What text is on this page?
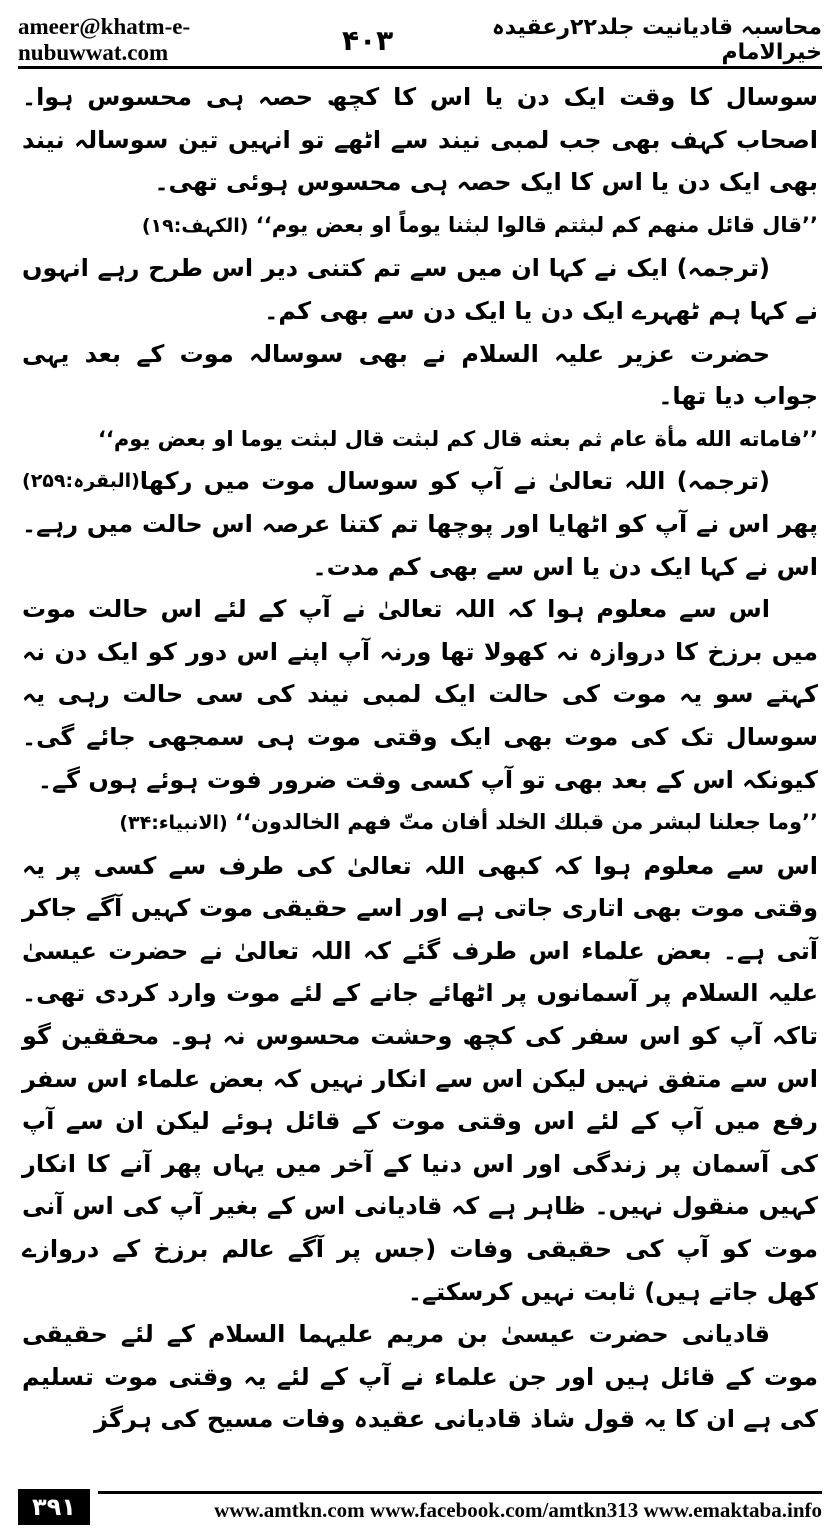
ameer@khatm-e-nubuwwat.com	۴۰۳	محاسبہ قادیانیت جلد۲۲رعقیدہ خیرالامام

سوسال کا وقت ایک دن یا اس کا کچھ حصہ ہی محسوس ہوا۔ اصحاب کہف بھی جب لمبی نیند سے اٹھے تو انہیں تین سوسالہ نیند بھی ایک دن یا اس کا ایک حصہ ہی محسوس ہوئی تھی۔

’’قال قائل منهم كم لبثتم قالوا لبثنا يوماً او بعض يوم‘‘ (الکہف:۱۹)

(ترجمہ) ایک نے کہا ان میں سے تم کتنی دیر اس طرح رہے انہوں نے کہا ہم ٹھہرے ایک دن یا ایک دن سے بھی کم۔

حضرت عزیر علیہ السلام نے بھی سوسالہ موت کے بعد یہی جواب دیا تھا۔

’’فاماته الله مأة عام ثم بعثه قال كم لبثت قال لبثت يوما او بعض يوم‘‘
(البقرہ:۲۵۹) (ترجمہ) اللہ تعالیٰ نے آپ کو سوسال موت میں رکھا پھر اس نے آپ کو اٹھایا اور پوچھا تم کتنا عرصہ اس حالت میں رہے۔ اس نے کہا ایک دن یا اس سے بھی کم مدت۔

اس سے معلوم ہوا کہ اللہ تعالیٰ نے آپ کے لئے اس حالت موت میں برزخ کا دروازہ نہ کھولا تھا ورنہ آپ اپنے اس دور کو ایک دن نہ کہتے سو یہ موت کی حالت ایک لمبی نیند کی سی حالت رہی یہ سوسال تک کی موت بھی ایک وقتی موت ہی سمجھی جائے گی۔ کیونکہ اس کے بعد بھی تو آپ کسی وقت ضرور فوت ہوئے ہوں گے۔

’’وما جعلنا لبشر من قبلك الخلد أفان متّ فهم الخالدون‘‘ (الانبیاء:۳۴)

اس سے معلوم ہوا کہ کبھی اللہ تعالیٰ کی طرف سے کسی پر یہ وقتی موت بھی اتاری جاتی ہے اور اسے حقیقی موت کہیں آگے جاکر آتی ہے۔ بعض علماء اس طرف گئے کہ اللہ تعالیٰ نے حضرت عیسیٰ علیہ السلام پر آسمانوں پر اٹھائے جانے کے لئے موت وارد کردی تھی۔ تاکہ آپ کو اس سفر کی کچھ وحشت محسوس نہ ہو۔ محققین گو اس سے متفق نہیں لیکن اس سے انکار نہیں کہ بعض علماء اس سفر رفع میں آپ کے لئے اس وقتی موت کے قائل ہوئے لیکن ان سے آپ کی آسمان پر زندگی اور اس دنیا کے آخر میں یہاں پھر آنے کا انکار کہیں منقول نہیں۔ ظاہر ہے کہ قادیانی اس کے بغیر آپ کی اس آنی موت کو آپ کی حقیقی وفات (جس پر آگے عالم برزخ کے دروازے کھل جاتے ہیں) ثابت نہیں کرسکتے۔

قادیانی حضرت عیسیٰ بن مریم علیہما السلام کے لئے حقیقی موت کے قائل ہیں اور جن علماء نے آپ کے لئے یہ وقتی موت تسلیم کی ہے ان کا یہ قول شاذ قادیانی عقیدہ وفات مسیح کی ہرگز

۳۹۱	www.amtkn.com www.facebook.com/amtkn313 www.emaktaba.info
